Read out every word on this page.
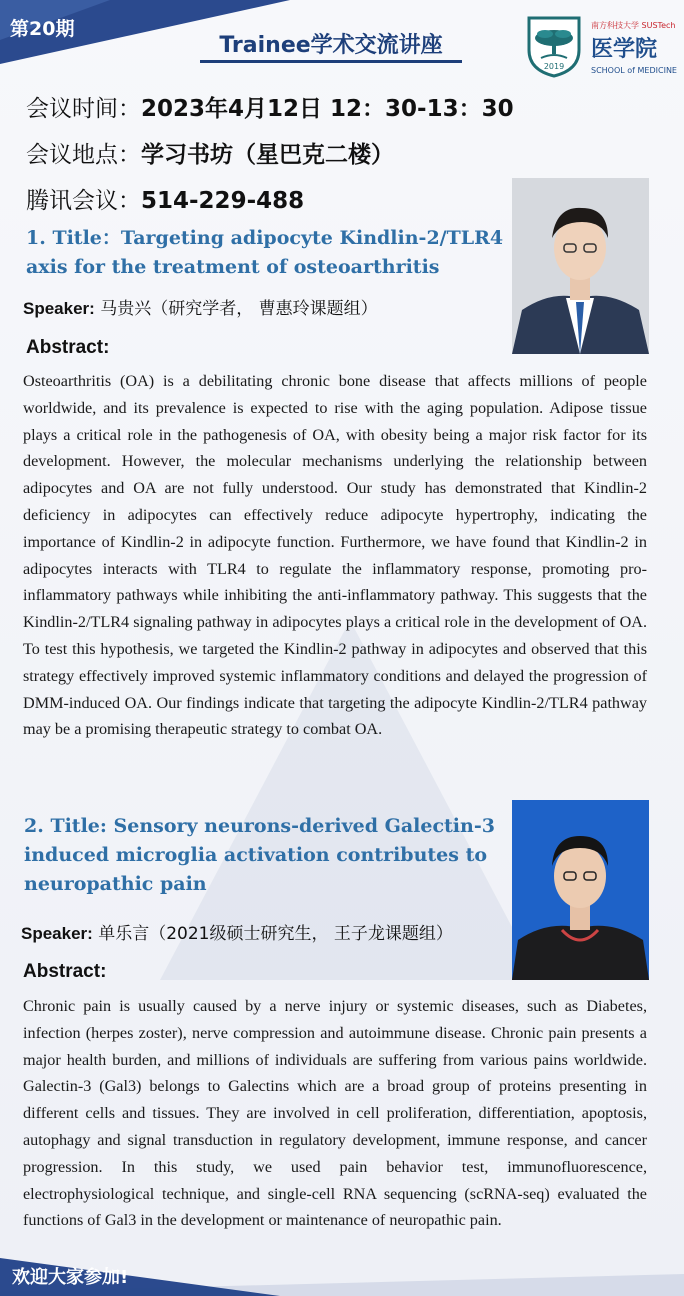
第20期
Trainee学术交流讲座
2019
南方科技大学 SUSTech
医学院
SCHOOL of MEDICINE
会议时间：2023年4月12日 12：30-13：30
会议地点：学习书坊（星巴克二楼）
腾讯会议：514-229-488
1. Title：Targeting adipocyte Kindlin-2/TLR4
axis for the treatment of osteoarthritis
Speaker: 马贵兴（研究学者， 曹惠玲课题组）
Abstract:
Osteoarthritis (OA) is a debilitating chronic bone disease that affects millions of people worldwide, and its prevalence is expected to rise with the aging population. Adipose tissue plays a critical role in the pathogenesis of OA, with obesity being a major risk factor for its development. However, the molecular mechanisms underlying the relationship between adipocytes and OA are not fully understood. Our study has demonstrated that Kindlin-2 deficiency in adipocytes can effectively reduce adipocyte hypertrophy, indicating the importance of Kindlin-2 in adipocyte function. Furthermore, we have found that Kindlin-2 in adipocytes interacts with TLR4 to regulate the inflammatory response, promoting pro-inflammatory pathways while inhibiting the anti-inflammatory pathway. This suggests that the Kindlin-2/TLR4 signaling pathway in adipocytes plays a critical role in the development of OA. To test this hypothesis, we targeted the Kindlin-2 pathway in adipocytes and observed that this strategy effectively improved systemic inflammatory conditions and delayed the progression of DMM-induced OA. Our findings indicate that targeting the adipocyte Kindlin-2/TLR4 pathway may be a promising therapeutic strategy to combat OA.
2. Title: Sensory neurons-derived Galectin-3
induced microglia activation contributes to
neuropathic pain
Speaker: 单乐言（2021级硕士研究生， 王子龙课题组）
Abstract:
Chronic pain is usually caused by a nerve injury or systemic diseases, such as Diabetes, infection (herpes zoster), nerve compression and autoimmune disease. Chronic pain presents a major health burden, and millions of individuals are suffering from various pains worldwide. Galectin-3 (Gal3) belongs to Galectins which are a broad group of proteins presenting in different cells and tissues. They are involved in cell proliferation, differentiation, apoptosis, autophagy and signal transduction in regulatory development, immune response, and cancer progression. In this study, we used pain behavior test, immunofluorescence, electrophysiological technique, and single-cell RNA sequencing (scRNA-seq) evaluated the functions of Gal3 in the development or maintenance of neuropathic pain.
欢迎大家参加!
